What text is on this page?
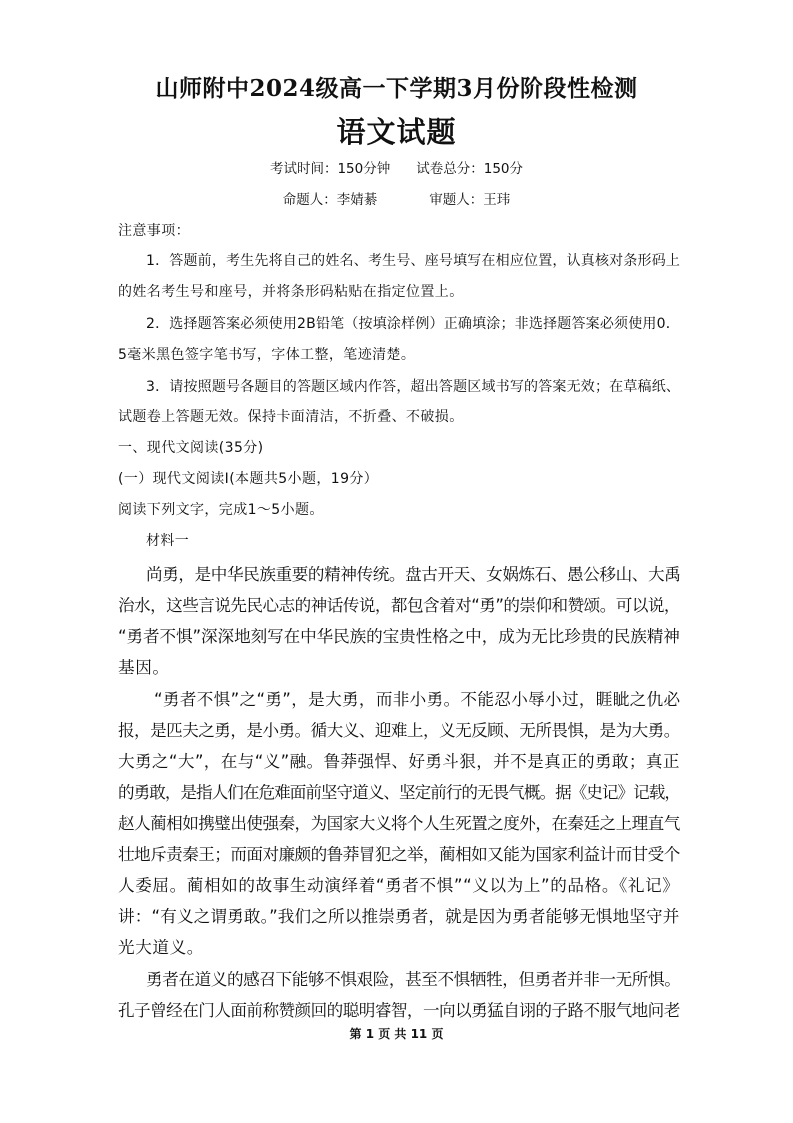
山师附中2024级高一下学期3月份阶段性检测
语文试题
考试时间：150分钟 试卷总分：150分
命题人：李婧綦	审题人：王玮
注意事项：
1．答题前，考生先将自己的姓名、考生号、座号填写在相应位置，认真核对条形码上
的姓名考生号和座号，并将条形码粘贴在指定位置上。
2．选择题答案必须使用2B铅笔（按填涂样例）正确填涂；非选择题答案必须使用0．
5毫米黑色签字笔书写，字体工整，笔迹清楚。
3．请按照题号各题目的答题区域内作答，超出答题区域书写的答案无效；在草稿纸、
试题卷上答题无效。保持卡面清洁，不折叠、不破损。
一、现代文阅读(35分)
(一）现代文阅读Ⅰ(本题共5小题，19分）
阅读下列文字，完成1～5小题。
材料一
尚勇，是中华民族重要的精神传统。盘古开天、女娲炼石、愚公移山、大禹
治水，这些言说先民心志的神话传说，都包含着对“勇”的崇仰和赞颂。可以说，
“勇者不惧”深深地刻写在中华民族的宝贵性格之中，成为无比珍贵的民族精神
基因。
“勇者不惧”之“勇”，是大勇，而非小勇。不能忍小辱小过，睚眦之仇必
报，是匹夫之勇，是小勇。循大义、迎难上，义无反顾、无所畏惧，是为大勇。
大勇之“大”，在与“义”融。鲁莽强悍、好勇斗狠，并不是真正的勇敢；真正
的勇敢，是指人们在危难面前坚守道义、坚定前行的无畏气概。据《史记》记载，
赵人蔺相如携璧出使强秦，为国家大义将个人生死置之度外，在秦廷之上理直气
壮地斥责秦王；而面对廉颇的鲁莽冒犯之举，蔺相如又能为国家利益计而甘受个
人委屈。蔺相如的故事生动演绎着“勇者不惧”“义以为上”的品格。《礼记》
讲：“有义之谓勇敢。”我们之所以推崇勇者，就是因为勇者能够无惧地坚守并
光大道义。
勇者在道义的感召下能够不惧艰险，甚至不惧牺牲，但勇者并非一无所惧。
孔子曾经在门人面前称赞颜回的聪明睿智，一向以勇猛自诩的子路不服气地问老
第 1 页 共 11 页
